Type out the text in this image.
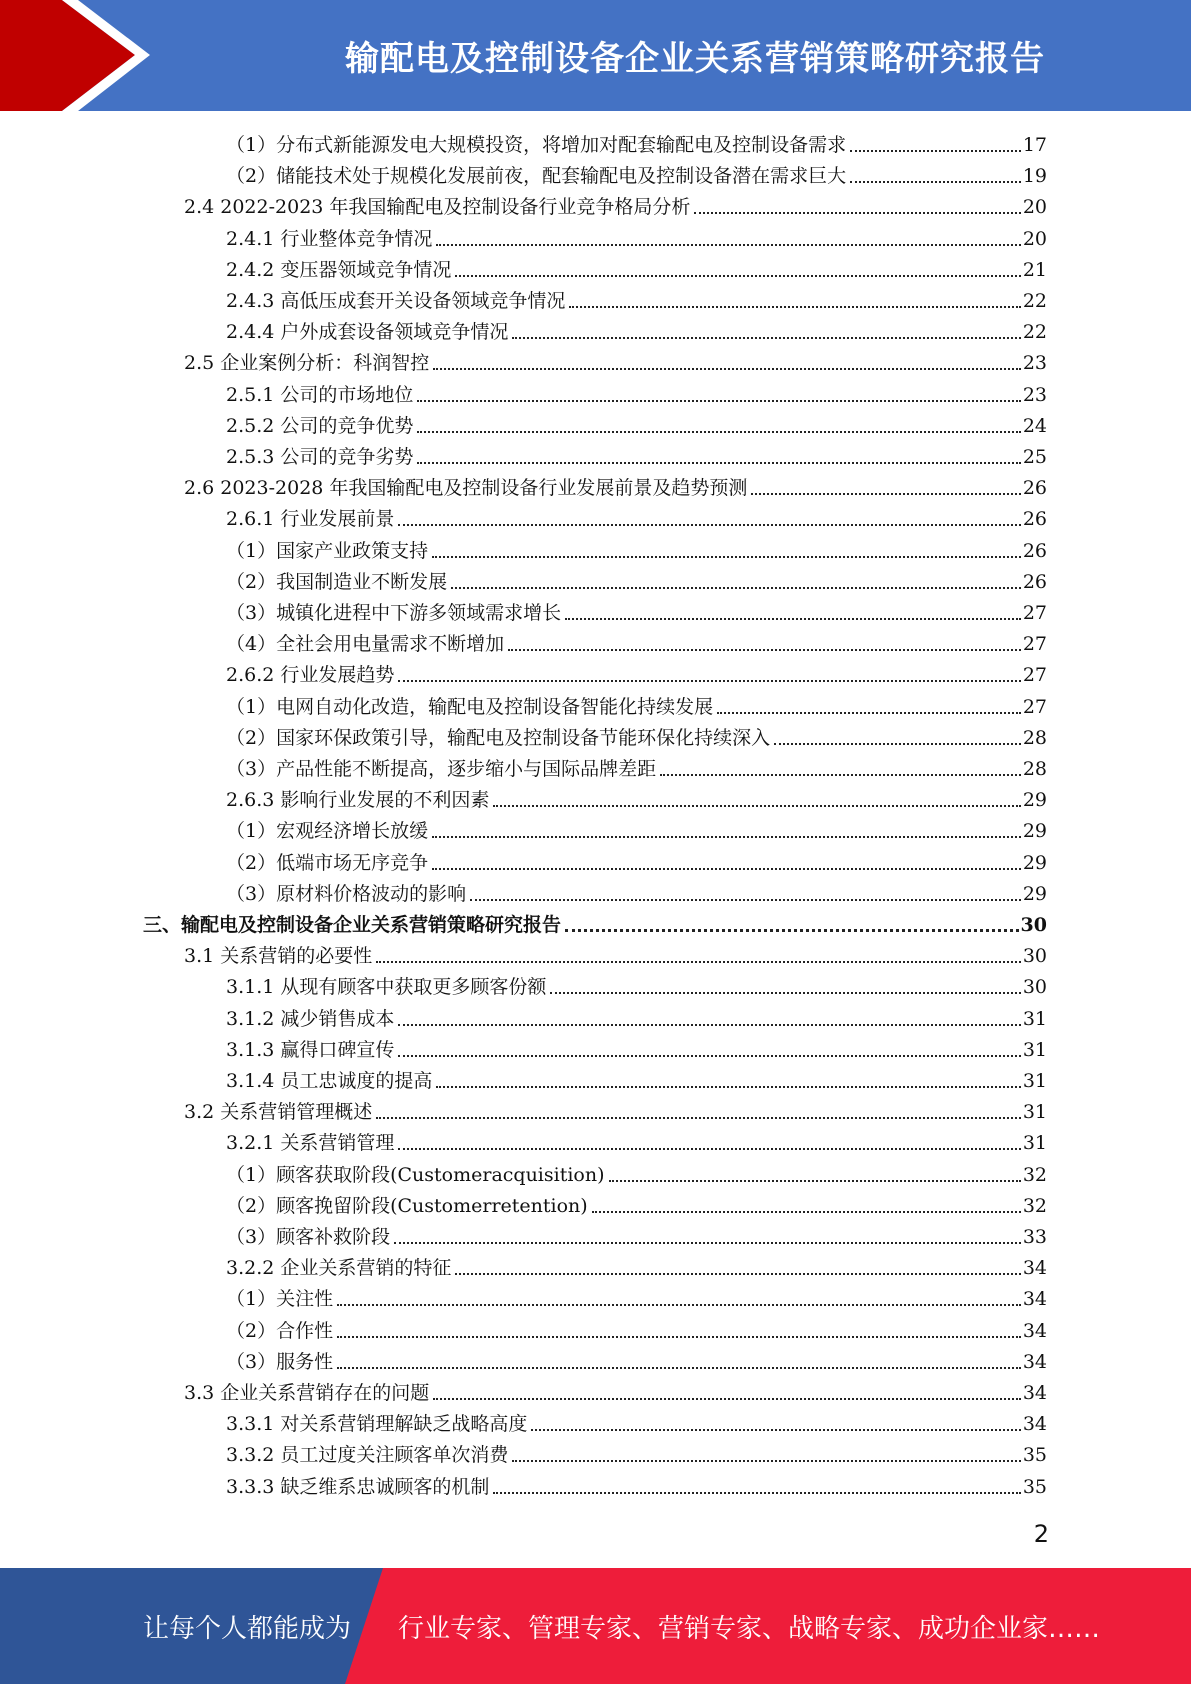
输配电及控制设备企业关系营销策略研究报告
（1）分布式新能源发电大规模投资，将增加对配套输配电及控制设备需求	17
（2）储能技术处于规模化发展前夜，配套输配电及控制设备潜在需求巨大	19
2.4 2022-2023 年我国输配电及控制设备行业竞争格局分析	20
2.4.1 行业整体竞争情况	20
2.4.2 变压器领域竞争情况	21
2.4.3 高低压成套开关设备领域竞争情况	22
2.4.4 户外成套设备领域竞争情况	22
2.5 企业案例分析：科润智控	23
2.5.1 公司的市场地位	23
2.5.2 公司的竞争优势	24
2.5.3 公司的竞争劣势	25
2.6 2023-2028 年我国输配电及控制设备行业发展前景及趋势预测	26
2.6.1 行业发展前景	26
（1）国家产业政策支持	26
（2）我国制造业不断发展	26
（3）城镇化进程中下游多领域需求增长	27
（4）全社会用电量需求不断增加	27
2.6.2 行业发展趋势	27
（1）电网自动化改造，输配电及控制设备智能化持续发展	27
（2）国家环保政策引导，输配电及控制设备节能环保化持续深入	28
（3）产品性能不断提高，逐步缩小与国际品牌差距	28
2.6.3 影响行业发展的不利因素	29
（1）宏观经济增长放缓	29
（2）低端市场无序竞争	29
（3）原材料价格波动的影响	29
三、输配电及控制设备企业关系营销策略研究报告	30
3.1 关系营销的必要性	30
3.1.1 从现有顾客中获取更多顾客份额	30
3.1.2 减少销售成本	31
3.1.3 赢得口碑宣传	31
3.1.4 员工忠诚度的提高	31
3.2 关系营销管理概述	31
3.2.1 关系营销管理	31
（1）顾客获取阶段(Customeracquisition)	32
（2）顾客挽留阶段(Customerretention)	32
（3）顾客补救阶段	33
3.2.2 企业关系营销的特征	34
（1）关注性	34
（2）合作性	34
（3）服务性	34
3.3 企业关系营销存在的问题	34
3.3.1 对关系营销理解缺乏战略高度	34
3.3.2 员工过度关注顾客单次消费	35
3.3.3 缺乏维系忠诚顾客的机制	35
2
让每个人都能成为 行业专家、管理专家、营销专家、战略专家、成功企业家……
